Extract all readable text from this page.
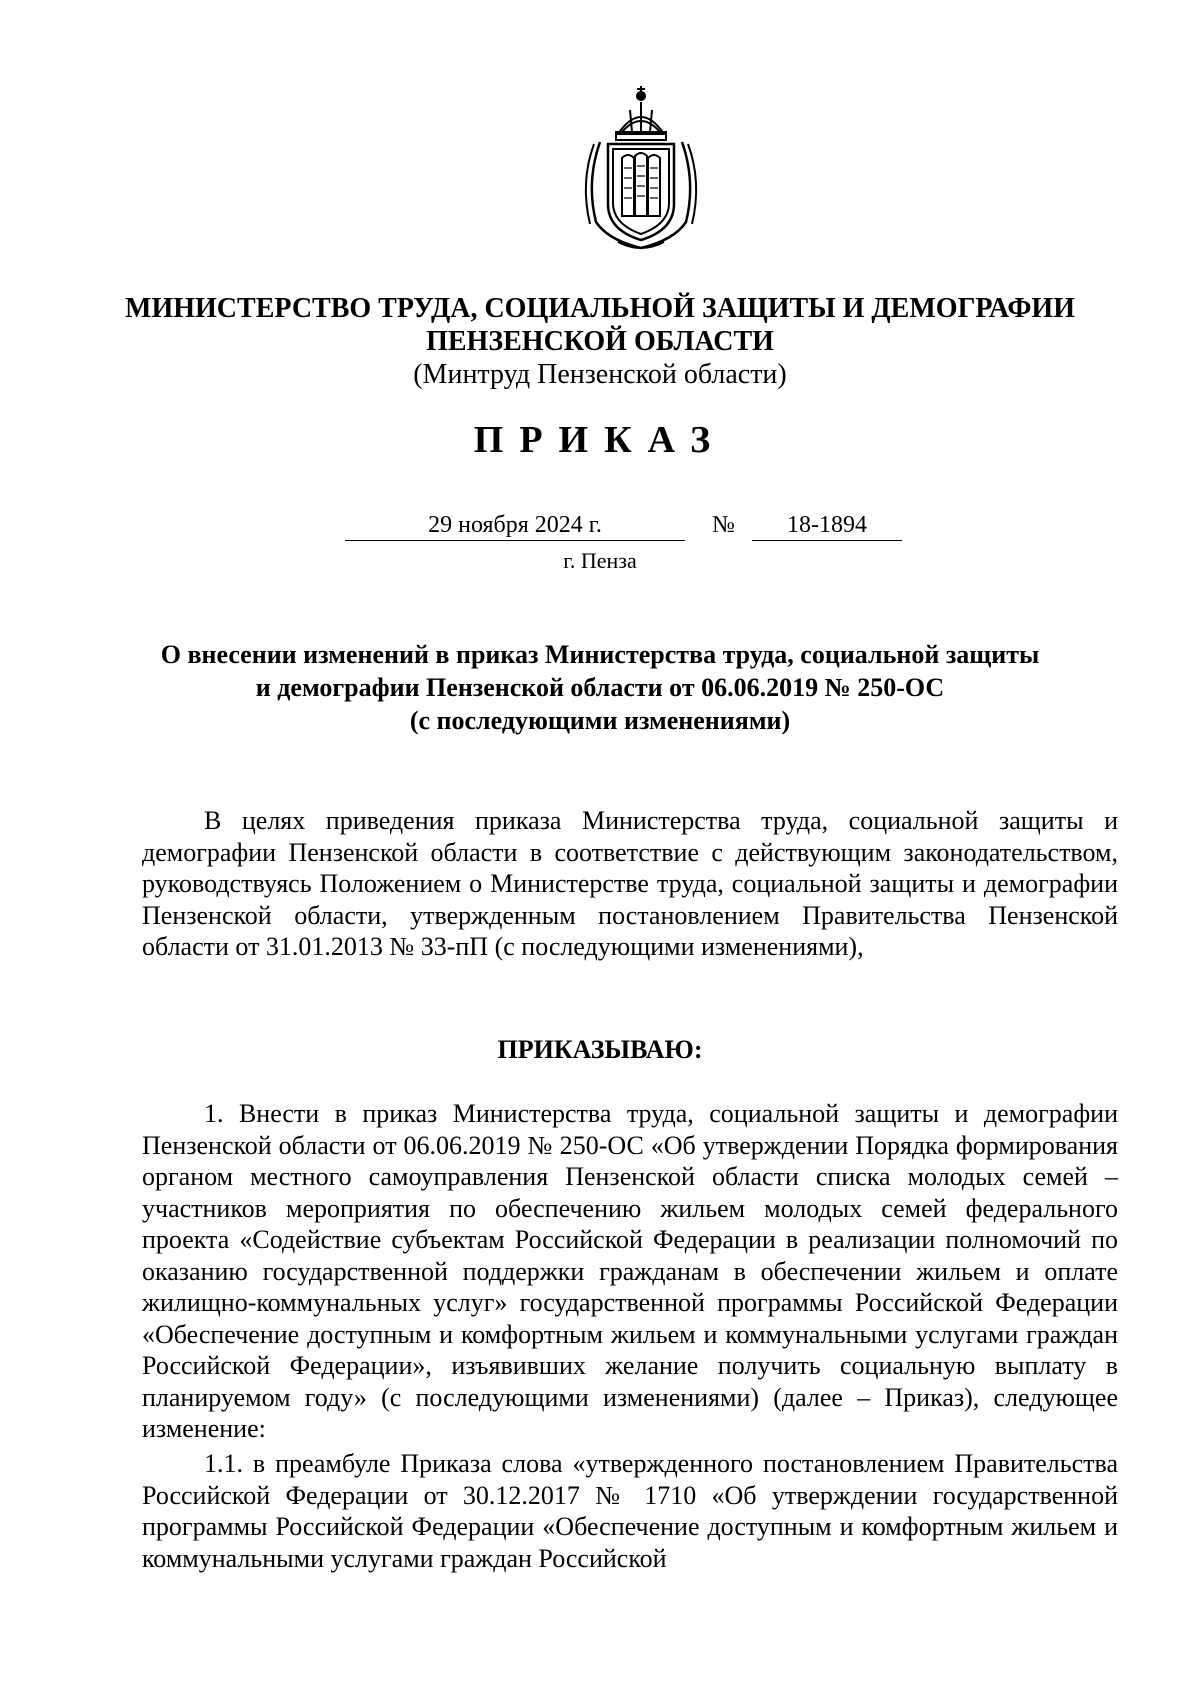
МИНИСТЕРСТВО ТРУДА, СОЦИАЛЬНОЙ ЗАЩИТЫ И ДЕМОГРАФИИ
ПЕНЗЕНСКОЙ ОБЛАСТИ
(Минтруд Пензенской области)
ПРИКАЗ
29 ноября 2024 г.	№	18-1894
г. Пенза
О внесении изменений в приказ Министерства труда, социальной защиты
и демографии Пензенской области от 06.06.2019 № 250-ОС
(с последующими изменениями)
В целях приведения приказа Министерства труда, социальной защиты и демографии Пензенской области в соответствие с действующим законодательством, руководствуясь Положением о Министерстве труда, социальной защиты и демографии Пензенской области, утвержденным постановлением Правительства Пензенской области от 31.01.2013 № 33-пП (с последующими изменениями),
ПРИКАЗЫВАЮ:
1. Внести в приказ Министерства труда, социальной защиты и демографии Пензенской области от 06.06.2019 № 250-ОС «Об утверждении Порядка формирования органом местного самоуправления Пензенской области списка молодых семей – участников мероприятия по обеспечению жильем молодых семей федерального проекта «Содействие субъектам Российской Федерации в реализации полномочий по оказанию государственной поддержки гражданам в обеспечении жильем и оплате жилищно-коммунальных услуг» государственной программы Российской Федерации «Обеспечение доступным и комфортным жильем и коммунальными услугами граждан Российской Федерации», изъявивших желание получить социальную выплату в планируемом году» (с последующими изменениями) (далее – Приказ), следующее изменение:
1.1. в преамбуле Приказа слова «утвержденного постановлением Правительства Российской Федерации от 30.12.2017 № 1710 «Об утверждении государственной программы Российской Федерации «Обеспечение доступным и комфортным жильем и коммунальными услугами граждан Российской
